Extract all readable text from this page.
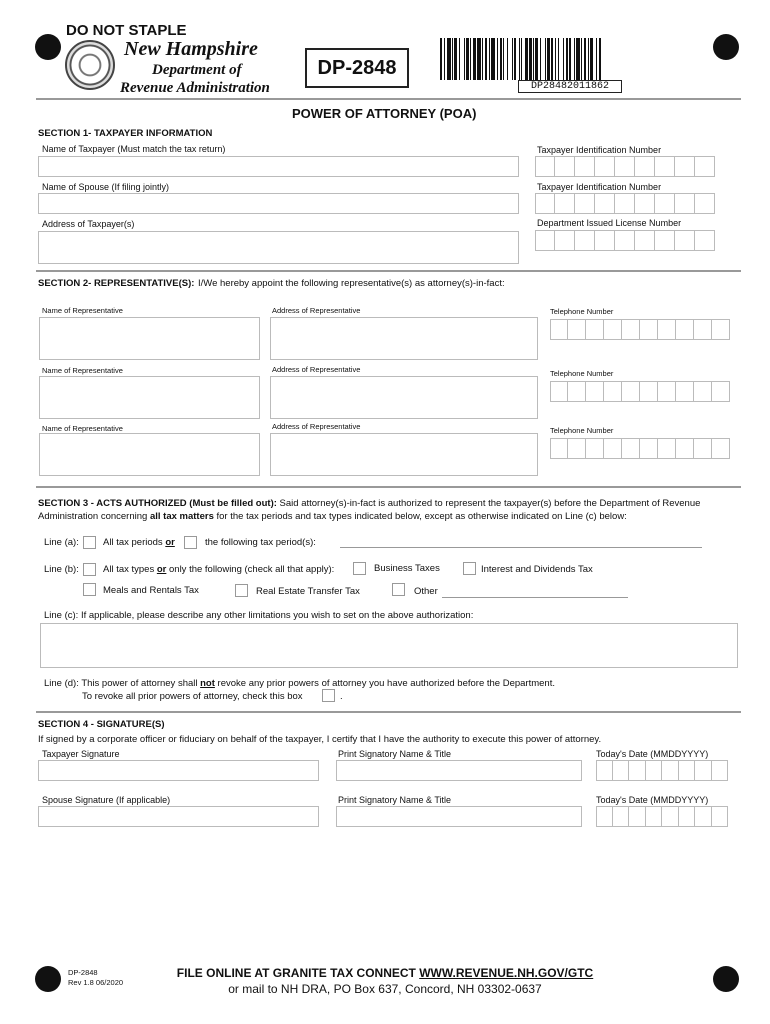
DO NOT STAPLE
New Hampshire
Department of
Revenue Administration
DP-2848
DP28482011862
POWER OF ATTORNEY (POA)
SECTION 1- TAXPAYER INFORMATION
Name of Taxpayer (Must match the tax return)	Taxpayer Identification Number
Name of Spouse (If filing jointly)	Taxpayer Identification Number
Address of Taxpayer(s)	Department Issued License Number
SECTION 2- REPRESENTATIVE(S): I/We hereby appoint the following representative(s) as attorney(s)-in-fact:
Name of Representative	Address of Representative	Telephone Number
Name of Representative	Address of Representative	Telephone Number
Name of Representative	Address of Representative	Telephone Number
SECTION 3 - ACTS AUTHORIZED (Must be filled out): Said attorney(s)-in-fact is authorized to represent the taxpayer(s) before the Department of Revenue
Administration concerning all tax matters for the tax periods and tax types indicated below, except as otherwise indicated on Line (c) below:
Line (a):	All tax periods or	the following tax period(s):
Line (b):	All tax types or only the following (check all that apply):	Business Taxes	Interest and Dividends Tax
Meals and Rentals Tax	Real Estate Transfer Tax	Other
Line (c): If applicable, please describe any other limitations you wish to set on the above authorization:
Line (d): This power of attorney shall not revoke any prior powers of attorney you have authorized before the Department.
To revoke all prior powers of attorney, check this box	.
SECTION 4 - SIGNATURE(S)
If signed by a corporate officer or fiduciary on behalf of the taxpayer, I certify that I have the authority to execute this power of attorney.
Taxpayer Signature	Print Signatory Name & Title	Today's Date (MMDDYYYY)
Spouse Signature (If applicable)	Print Signatory Name & Title	Today's Date (MMDDYYYY)
DP-2848
Rev 1.8 06/2020
FILE ONLINE AT GRANITE TAX CONNECT WWW.REVENUE.NH.GOV/GTC
or mail to NH DRA, PO Box 637, Concord, NH 03302-0637
